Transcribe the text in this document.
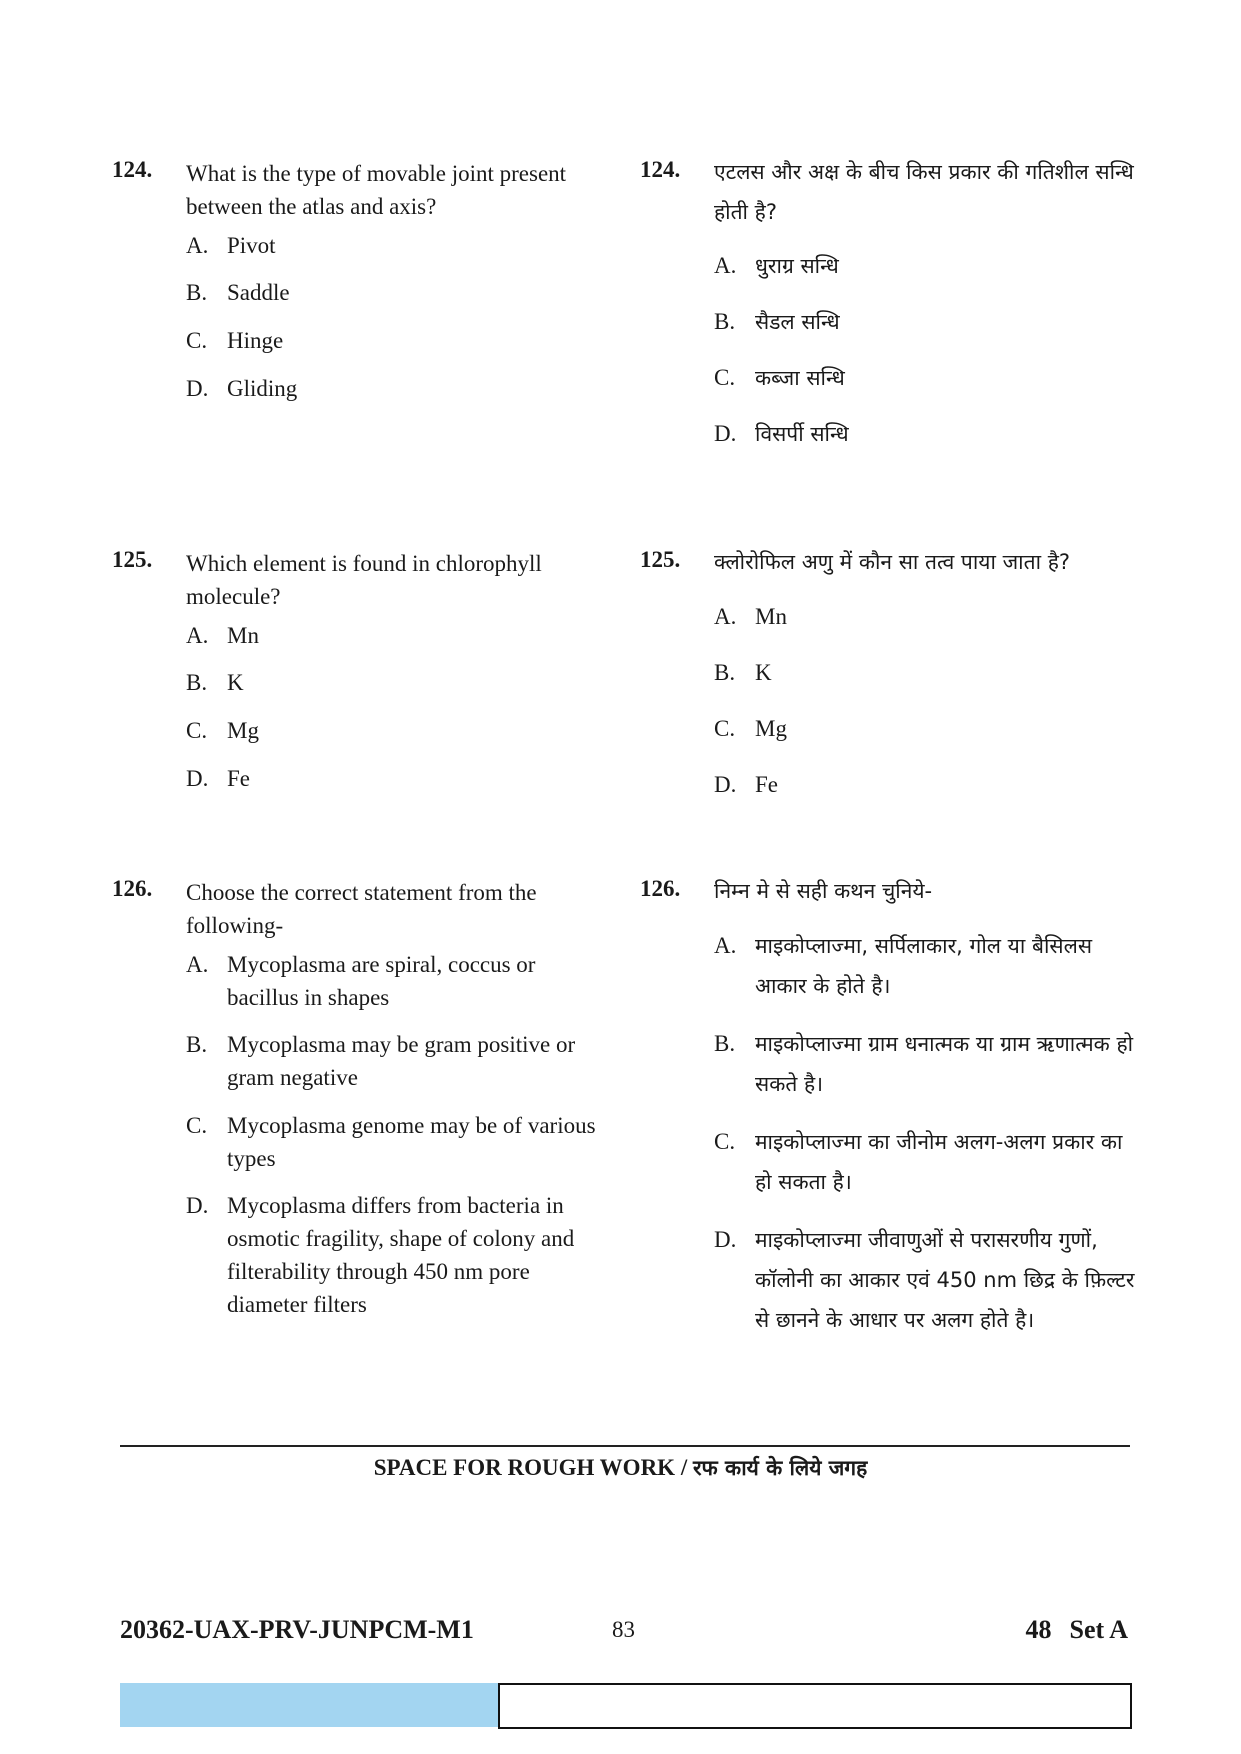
124. What is the type of movable joint present between the atlas and axis?
A. Pivot
B. Saddle
C. Hinge
D. Gliding
125. Which element is found in chlorophyll molecule?
A. Mn
B. K
C. Mg
D. Fe
126. Choose the correct statement from the following-
A. Mycoplasma are spiral, coccus or bacillus in shapes
B. Mycoplasma may be gram positive or gram negative
C. Mycoplasma genome may be of various types
D. Mycoplasma differs from bacteria in osmotic fragility, shape of colony and filterability through 450 nm pore diameter filters
124. एटलस और अक्ष के बीच किस प्रकार की गतिशील सन्धि होती है?
A. धुराग्र सन्धि
B. सैडल सन्धि
C. कब्जा सन्धि
D. विसर्पी सन्धि
125. क्लोरोफिल अणु में कौन सा तत्व पाया जाता है?
A. Mn
B. K
C. Mg
D. Fe
126. निम्न मे से सही कथन चुनिये-
A. माइकोप्लाज्मा, सर्पिलाकार, गोल या बैसिलस आकार के होते है।
B. माइकोप्लाज्मा ग्राम धनात्मक या ग्राम ऋणात्मक हो सकते है।
C. माइकोप्लाज्मा का जीनोम अलग-अलग प्रकार का हो सकता है।
D. माइकोप्लाज्मा जीवाणुओं से परासरणीय गुणों, कॉलोनी का आकार एवं 450 nm छिद्र के फ़िल्टर से छानने के आधार पर अलग होते है।
SPACE FOR ROUGH WORK / रफ कार्य के लिये जगह
20362-UAX-PRV-JUNPCM-M1	83	48 Set A
